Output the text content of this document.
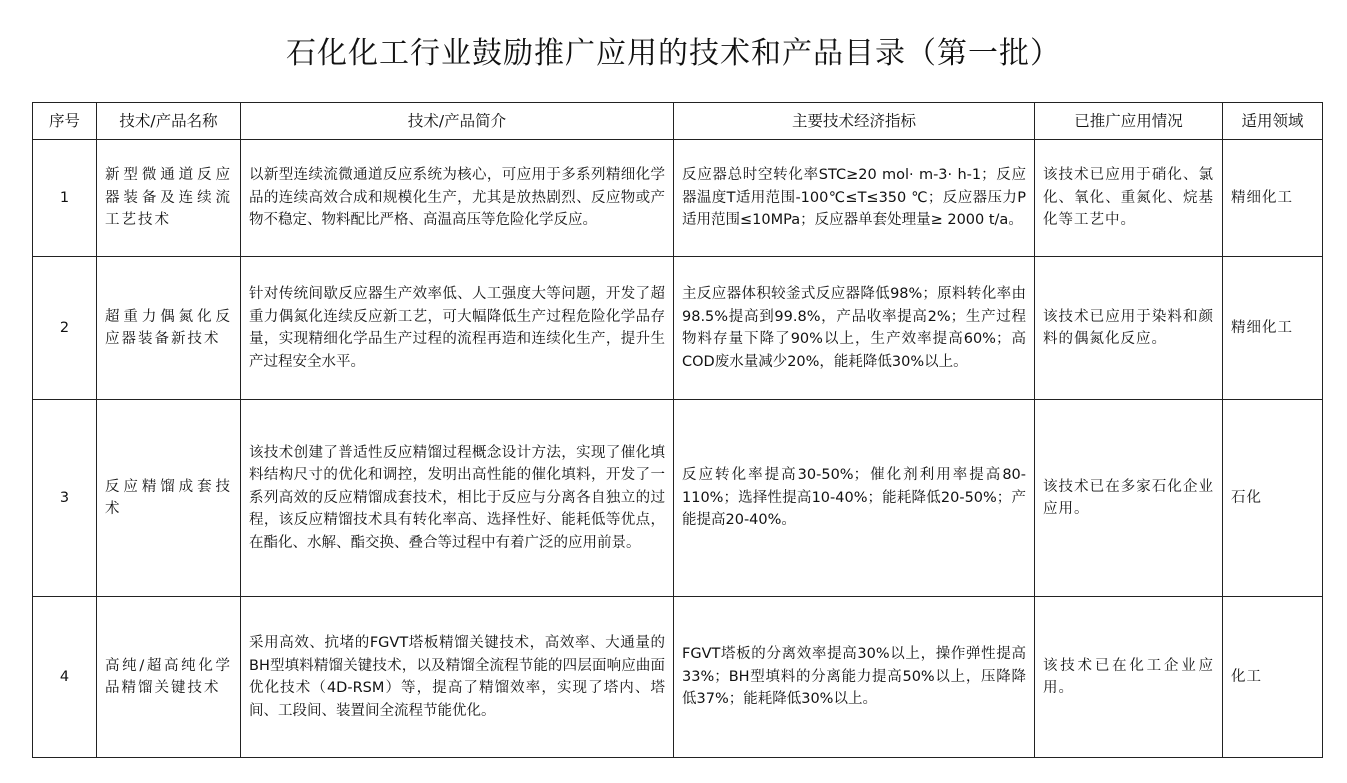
石化化工行业鼓励推广应用的技术和产品目录（第一批）
序号	技术/产品名称	技术/产品简介	主要技术经济指标	已推广应用情况	适用领域
1	新型微通道反应器装备及连续流工艺技术	以新型连续流微通道反应系统为核心，可应用于多系列精细化学品的连续高效合成和规模化生产，尤其是放热剧烈、反应物或产物不稳定、物料配比严格、高温高压等危险化学反应。	反应器总时空转化率STC≥20 mol· m-3· h-1；反应器温度T适用范围-100℃≤T≤350 ℃；反应器压力P适用范围≤10MPa；反应器单套处理量≥ 2000 t/a。	该技术已应用于硝化、氯化、氧化、重氮化、烷基化等工艺中。	精细化工
2	超重力偶氮化反应器装备新技术	针对传统间歇反应器生产效率低、人工强度大等问题，开发了超重力偶氮化连续反应新工艺，可大幅降低生产过程危险化学品存量，实现精细化学品生产过程的流程再造和连续化生产，提升生产过程安全水平。	主反应器体积较釜式反应器降低98%；原料转化率由98.5%提高到99.8%，产品收率提高2%；生产过程物料存量下降了90%以上，生产效率提高60%；高COD废水量减少20%，能耗降低30%以上。	该技术已应用于染料和颜料的偶氮化反应。	精细化工
3	反应精馏成套技术	该技术创建了普适性反应精馏过程概念设计方法，实现了催化填料结构尺寸的优化和调控，发明出高性能的催化填料，开发了一系列高效的反应精馏成套技术，相比于反应与分离各自独立的过程，该反应精馏技术具有转化率高、选择性好、能耗低等优点，在酯化、水解、酯交换、叠合等过程中有着广泛的应用前景。	反应转化率提高30-50%；催化剂利用率提高80-110%；选择性提高10-40%；能耗降低20-50%；产能提高20-40%。	该技术已在多家石化企业应用。	石化
4	高纯/超高纯化学品精馏关键技术	采用高效、抗堵的FGVT塔板精馏关键技术，高效率、大通量的BH型填料精馏关键技术，以及精馏全流程节能的四层面响应曲面优化技术（4D-RSM）等，提高了精馏效率，实现了塔内、塔间、工段间、装置间全流程节能优化。	FGVT塔板的分离效率提高30%以上，操作弹性提高33%；BH型填料的分离能力提高50%以上，压降降低37%；能耗降低30%以上。	该技术已在化工企业应用。	化工
